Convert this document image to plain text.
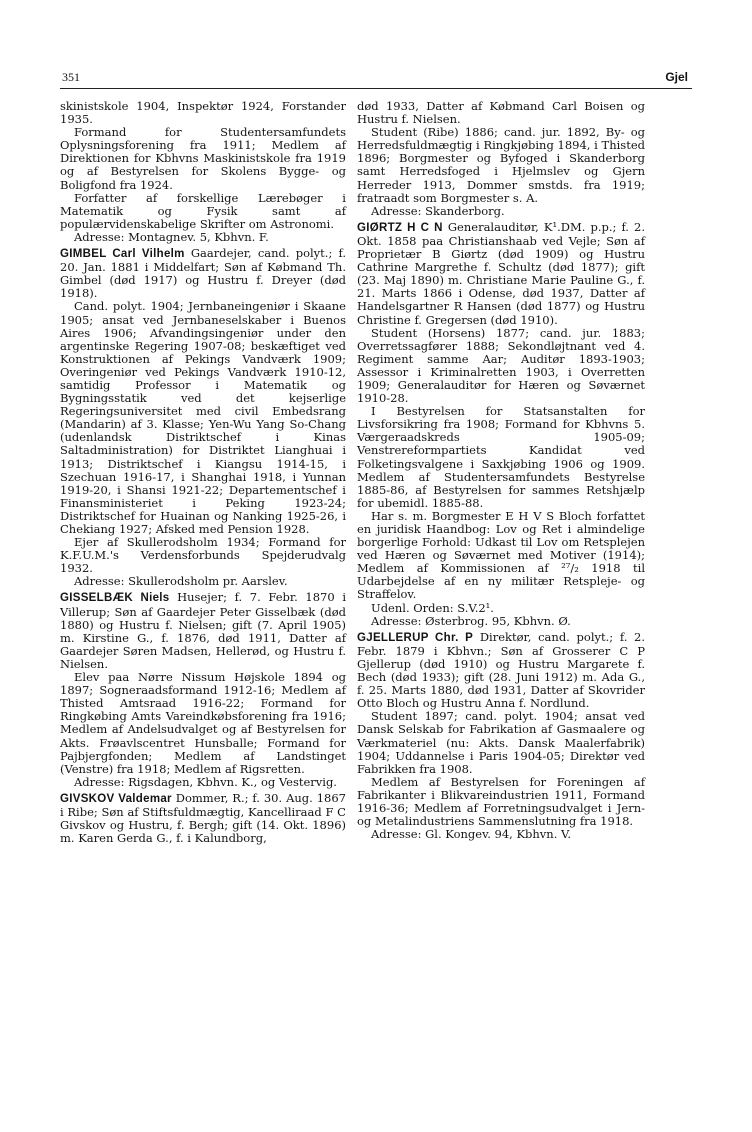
351	Gjel

skinistskole 1904, Inspektør 1924, Forstander 1935.

Formand for Studentersamfundets Oplysningsforening fra 1911; Medlem af Direktionen for Kbhvns Maskinistskole fra 1919 og af Bestyrelsen for Skolens Bygge- og Boligfond fra 1924.

Forfatter af forskellige Lærebøger i Matematik og Fysik samt af populærvidenskabelige Skrifter om Astronomi.

Adresse: Montagnev. 5, Kbhvn. F.

GIMBEL Carl Vilhelm Gaardejer, cand. polyt.; f. 20. Jan. 1881 i Middelfart; Søn af Købmand Th. Gimbel (død 1917) og Hustru f. Dreyer (død 1918).

Cand. polyt. 1904; Jernbaneingeniør i Skaane 1905; ansat ved Jernbaneselskaber i Buenos Aires 1906; Afvandingsingeniør under den argentinske Regering 1907-08; beskæftiget ved Konstruktionen af Pekings Vandværk 1909; Overingeniør ved Pekings Vandværk 1910-12, samtidig Professor i Matematik og Bygningsstatik ved det kejserlige Regeringsuniversitet med civil Embedsrang (Mandarin) af 3. Klasse; Yen-Wu Yang So-Chang (udenlandsk Distriktschef i Kinas Saltadministration) for Distriktet Lianghuai i 1913; Distriktschef i Kiangsu 1914-15, i Szechuan 1916-17, i Shanghai 1918, i Yunnan 1919-20, i Shansi 1921-22; Departementschef i Finansministeriet i Peking 1923-24; Distriktschef for Huainan og Nanking 1925-26, i Chekiang 1927; Afsked med Pension 1928.

Ejer af Skullerodsholm 1934; Formand for K.F.U.M.'s Verdensforbunds Spejderudvalg 1932.

Adresse: Skullerodsholm pr. Aarslev.

GISSELBÆK Niels Husejer; f. 7. Febr. 1870 i Villerup; Søn af Gaardejer Peter Gisselbæk (død 1880) og Hustru f. Nielsen; gift (7. April 1905) m. Kirstine G., f. 1876, død 1911, Datter af Gaardejer Søren Madsen, Hellerød, og Hustru f. Nielsen.

Elev paa Nørre Nissum Højskole 1894 og 1897; Sogneraadsformand 1912-16; Medlem af Thisted Amtsraad 1916-22; Formand for Ringkøbing Amts Vareindkøbsforening fra 1916; Medlem af Andelsudvalget og af Bestyrelsen for Akts. Frøavlscentret Hunsballe; Formand for Pajbjergfonden; Medlem af Landstinget (Venstre) fra 1918; Medlem af Rigsretten.

Adresse: Rigsdagen, Kbhvn. K., og Vestervig.

GIVSKOV Valdemar Dommer, R.; f. 30. Aug. 1867 i Ribe; Søn af Stiftsfuldmægtig, Kancelliraad F C Givskov og Hustru, f. Bergh; gift (14. Okt. 1896) m. Karen Gerda G., f. i Kalundborg,

død 1933, Datter af Købmand Carl Boisen og Hustru f. Nielsen.

Student (Ribe) 1886; cand. jur. 1892, By- og Herredsfuldmægtig i Ringkjøbing 1894, i Thisted 1896; Borgmester og Byfoged i Skanderborg samt Herredsfoged i Hjelmslev og Gjern Herreder 1913, Dommer smstds. fra 1919; fratraadt som Borgmester s. A.

Adresse: Skanderborg.

GIØRTZ H C N Generalauditør, K¹.DM. p.p.; f. 2. Okt. 1858 paa Christianshaab ved Vejle; Søn af Proprietær B Giørtz (død 1909) og Hustru Cathrine Margrethe f. Schultz (død 1877); gift (23. Maj 1890) m. Christiane Marie Pauline G., f. 21. Marts 1866 i Odense, død 1937, Datter af Handelsgartner R Hansen (død 1877) og Hustru Christine f. Gregersen (død 1910).

Student (Horsens) 1877; cand. jur. 1883; Overretssagfører 1888; Sekondløjtnant ved 4. Regiment samme Aar; Auditør 1893-1903; Assessor i Kriminalretten 1903, i Overretten 1909; Generalauditør for Hæren og Søværnet 1910-28.

I Bestyrelsen for Statsanstalten for Livsforsikring fra 1908; Formand for Kbhvns 5. Værgeraadskreds 1905-09; Venstrereformpartiets Kandidat ved Folketingsvalgene i Saxkjøbing 1906 og 1909. Medlem af Studentersamfundets Bestyrelse 1885-86, af Bestyrelsen for sammes Retshjælp for ubemidl. 1885-88.

Har s. m. Borgmester E H V S Bloch forfattet en juridisk Haandbog: Lov og Ret i almindelige borgerlige Forhold: Udkast til Lov om Retsplejen ved Hæren og Søværnet med Motiver (1914); Medlem af Kommissionen af ²⁷/₂ 1918 til Udarbejdelse af en ny militær Retspleje- og Straffelov.

Udenl. Orden: S.V.2¹.

Adresse: Østerbrog. 95, Kbhvn. Ø.

GJELLERUP Chr. P Direktør, cand. polyt.; f. 2. Febr. 1879 i Kbhvn.; Søn af Grosserer C P Gjellerup (død 1910) og Hustru Margarete f. Bech (død 1933); gift (28. Juni 1912) m. Ada G., f. 25. Marts 1880, død 1931, Datter af Skovrider Otto Bloch og Hustru Anna f. Nordlund.

Student 1897; cand. polyt. 1904; ansat ved Dansk Selskab for Fabrikation af Gasmaalere og Værkmateriel (nu: Akts. Dansk Maalerfabrik) 1904; Uddannelse i Paris 1904-05; Direktør ved Fabrikken fra 1908.

Medlem af Bestyrelsen for Foreningen af Fabrikanter i Blikvareindustrien 1911, Formand 1916-36; Medlem af Forretningsudvalget i Jern- og Metalindustriens Sammenslutning fra 1918.

Adresse: Gl. Kongev. 94, Kbhvn. V.
